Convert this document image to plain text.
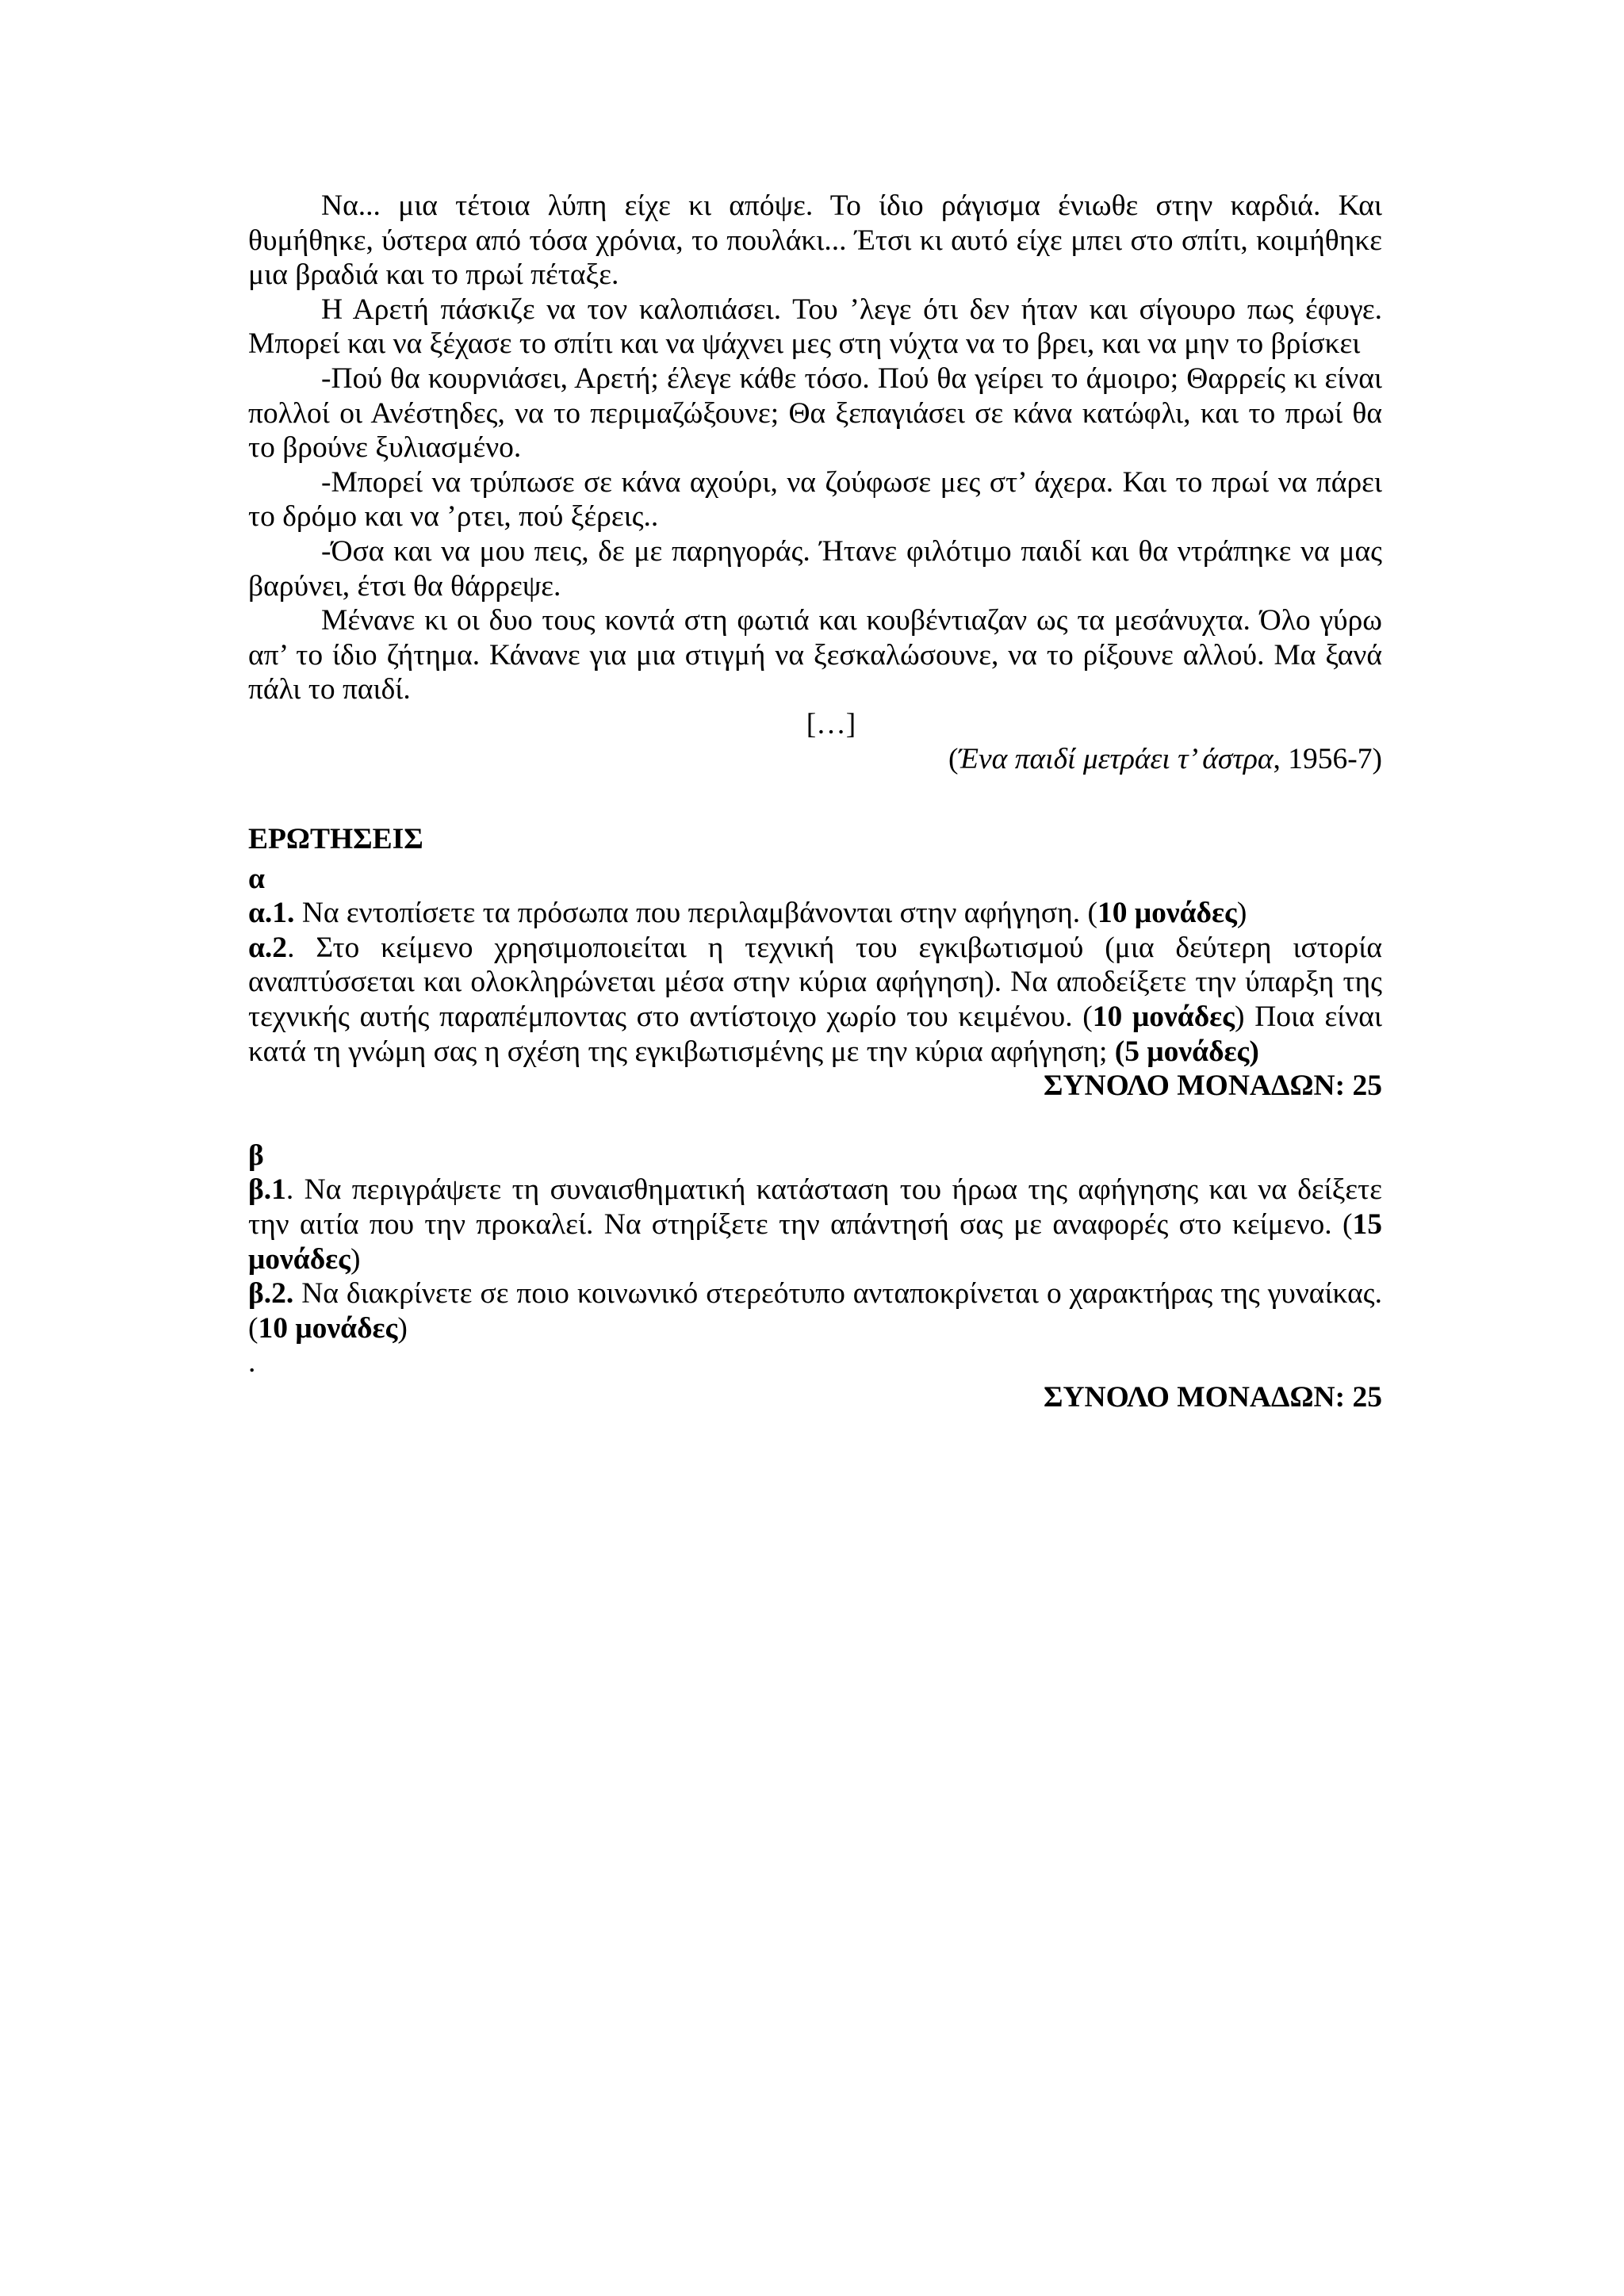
Να... μια τέτοια λύπη είχε κι απόψε. Το ίδιο ράγισμα ένιωθε στην καρδιά. Και θυμήθηκε, ύστερα από τόσα χρόνια, το πουλάκι... Έτσι κι αυτό είχε μπει στο σπίτι, κοιμήθηκε μια βραδιά και το πρωί πέταξε.

Η Αρετή πάσκιζε να τον καλοπιάσει. Του ’λεγε ότι δεν ήταν και σίγουρο πως έφυγε. Μπορεί και να ξέχασε το σπίτι και να ψάχνει μες στη νύχτα να το βρει, και να μην το βρίσκει

-Πού θα κουρνιάσει, Αρετή; έλεγε κάθε τόσο. Πού θα γείρει το άμοιρο; Θαρρείς κι είναι πολλοί οι Ανέστηδες, να το περιμαζώξουνε; Θα ξεπαγιάσει σε κάνα κατώφλι, και το πρωί θα το βρούνε ξυλιασμένο.

-Μπορεί να τρύπωσε σε κάνα αχούρι, να ζούφωσε μες στ’ άχερα. Και το πρωί να πάρει το δρόμο και να ’ρτει, πού ξέρεις..

-Όσα και να μου πεις, δε με παρηγοράς. Ήτανε φιλότιμο παιδί και θα ντράπηκε να μας βαρύνει, έτσι θα θάρρεψε.

Μένανε κι οι δυο τους κοντά στη φωτιά και κουβέντιαζαν ως τα μεσάνυχτα. Όλο γύρω απ’ το ίδιο ζήτημα. Κάνανε για μια στιγμή να ξεσκαλώσουνε, να το ρίξουνε αλλού. Μα ξανά πάλι το παιδί.

[…]

(Ένα παιδί μετράει τ’ άστρα, 1956-7)

ΕΡΩΤΗΣΕΙΣ

α

α.1. Να εντοπίσετε τα πρόσωπα που περιλαμβάνονται στην αφήγηση. (10 μονάδες)

α.2. Στο κείμενο χρησιμοποιείται η τεχνική του εγκιβωτισμού (μια δεύτερη ιστορία αναπτύσσεται και ολοκληρώνεται μέσα στην κύρια αφήγηση). Να αποδείξετε την ύπαρξη της τεχνικής αυτής παραπέμποντας στο αντίστοιχο χωρίο του κειμένου. (10 μονάδες) Ποια είναι κατά τη γνώμη σας η σχέση της εγκιβωτισμένης με την κύρια αφήγηση; (5 μονάδες)

ΣΥΝΟΛΟ ΜΟΝΑΔΩΝ: 25

β

β.1. Να περιγράψετε τη συναισθηματική κατάσταση του ήρωα της αφήγησης και να δείξετε την αιτία που την προκαλεί. Να στηρίξετε την απάντησή σας με αναφορές στο κείμενο. (15 μονάδες)

β.2. Να διακρίνετε σε ποιο κοινωνικό στερεότυπο ανταποκρίνεται ο χαρακτήρας της γυναίκας. (10 μονάδες)

.

ΣΥΝΟΛΟ ΜΟΝΑΔΩΝ: 25
